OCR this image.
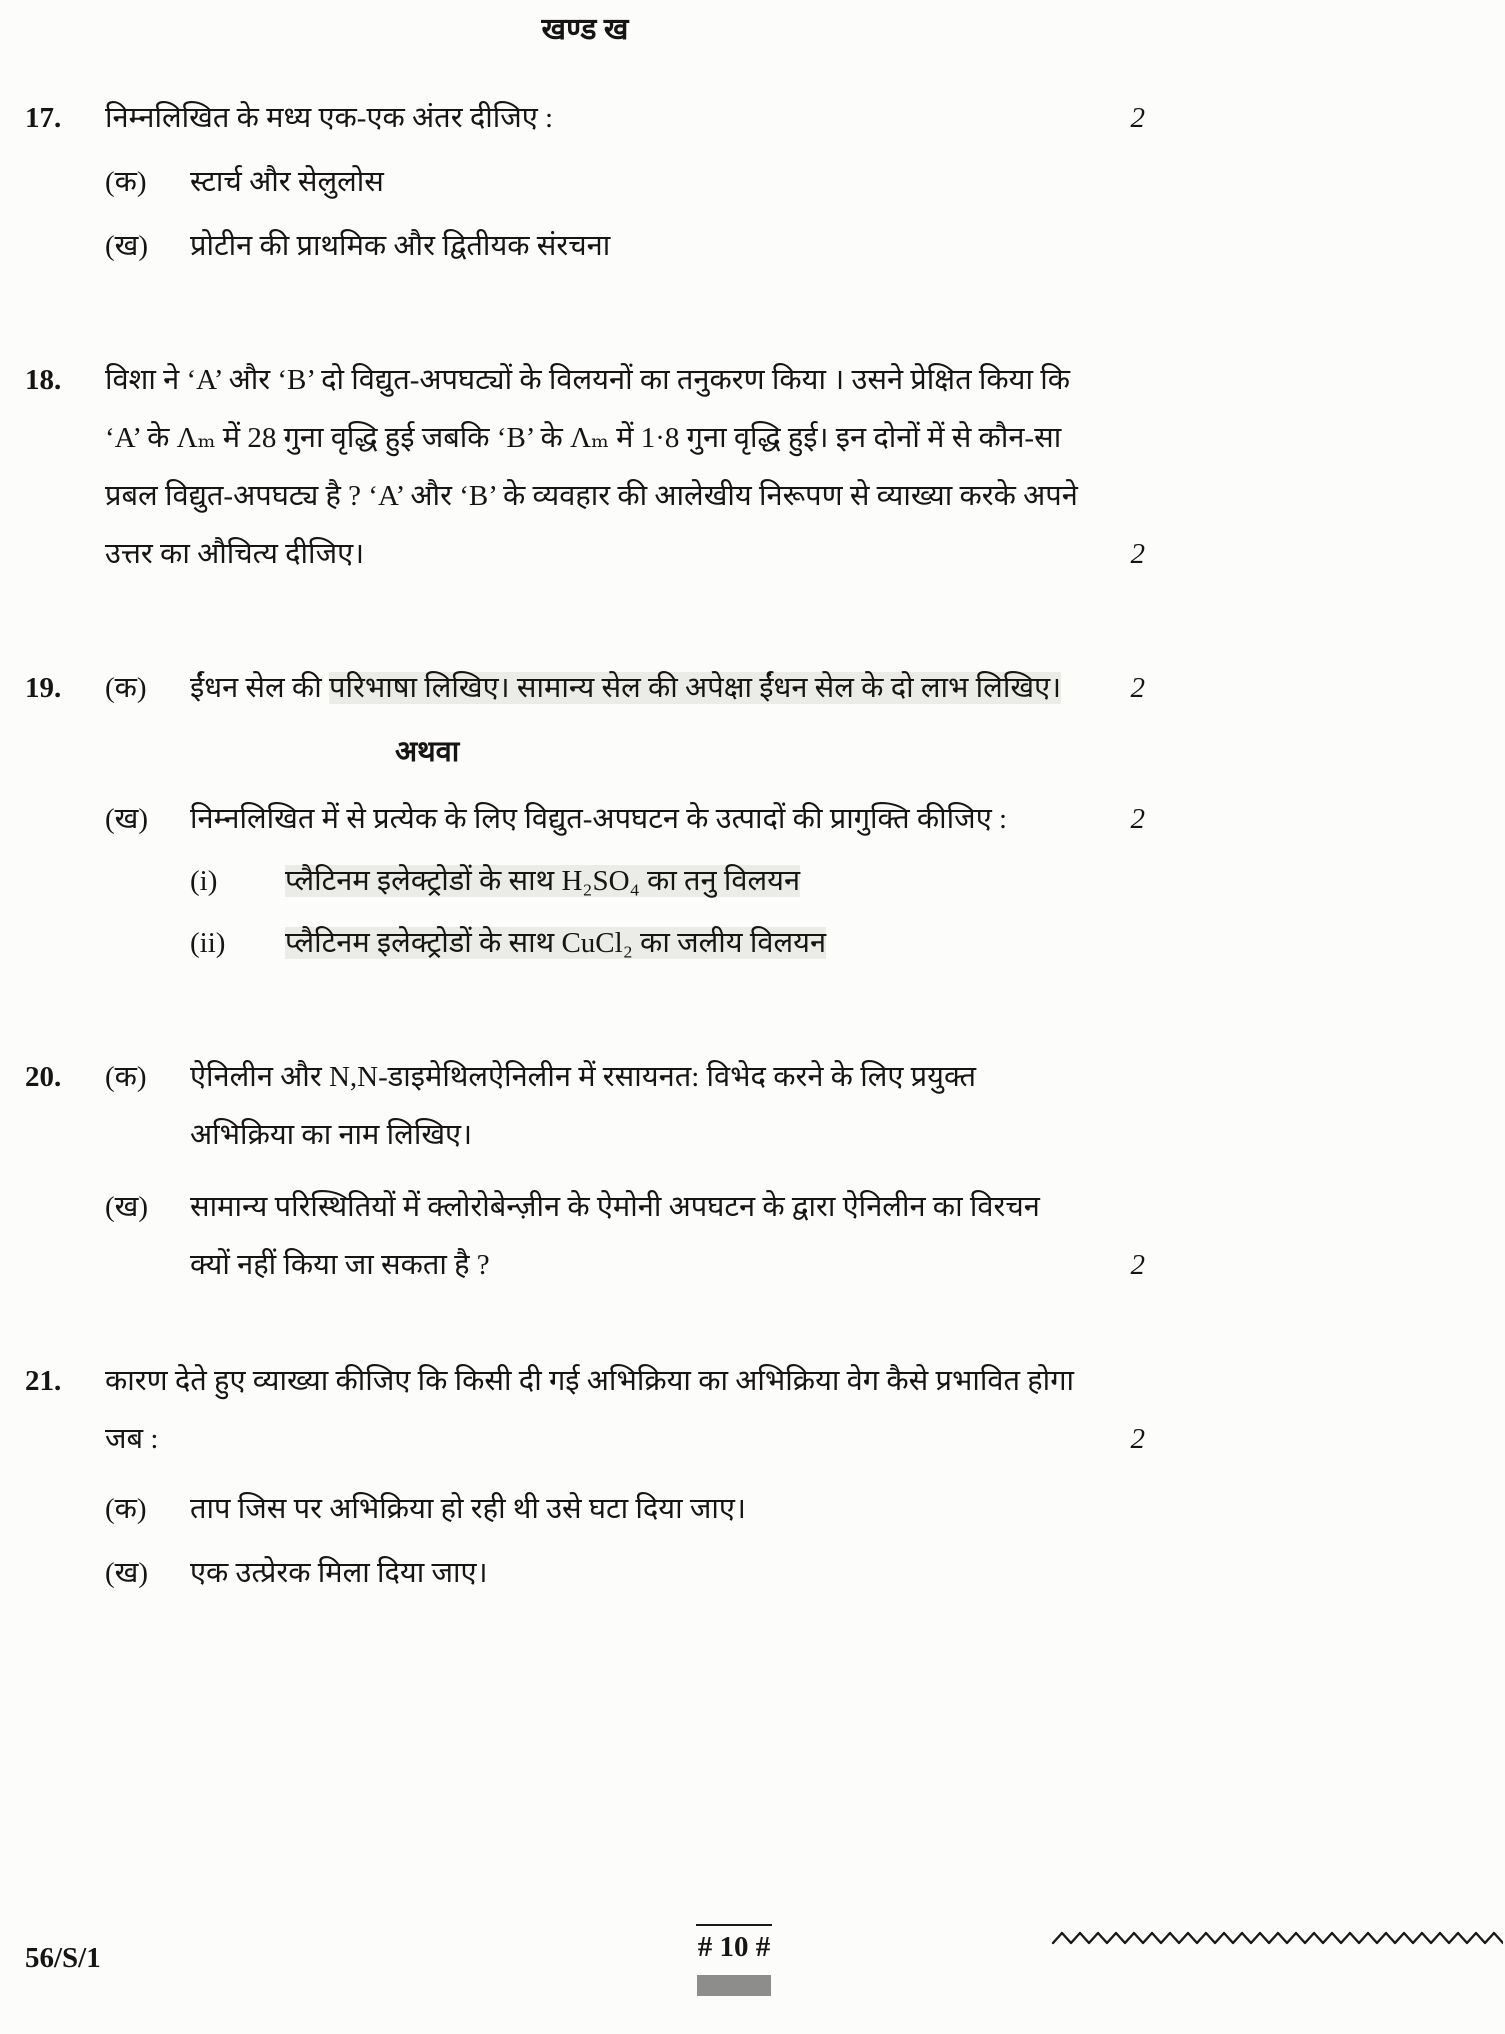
खण्ड ख
17.	निम्नलिखित के मध्य एक-एक अंतर दीजिए :	2
(क)	स्टार्च और सेलुलोस
(ख)	प्रोटीन की प्राथमिक और द्वितीयक संरचना
18.	विशा ने ‘A’ और ‘B’ दो विद्युत-अपघट्यों के विलयनों का तनुकरण किया । उसने प्रेक्षित किया कि ‘A’ के Λₘ में 28 गुना वृद्धि हुई जबकि ‘B’ के Λₘ में 1·8 गुना वृद्धि हुई। इन दोनों में से कौन-सा प्रबल विद्युत-अपघट्य है ? ‘A’ और ‘B’ के व्यवहार की आलेखीय निरूपण से व्याख्या करके अपने उत्तर का औचित्य दीजिए।	2
19.	(क)	ईंधन सेल की परिभाषा लिखिए। सामान्य सेल की अपेक्षा ईंधन सेल के दो लाभ लिखिए।	2
अथवा
(ख)	निम्नलिखित में से प्रत्येक के लिए विद्युत-अपघटन के उत्पादों की प्रागुक्ति कीजिए :	2
(i)	प्लैटिनम इलेक्ट्रोडों के साथ H₂SO₄ का तनु विलयन
(ii)	प्लैटिनम इलेक्ट्रोडों के साथ CuCl₂ का जलीय विलयन
20.	(क)	ऐनिलीन और N,N-डाइमेथिलऐनिलीन में रसायनत: विभेद करने के लिए प्रयुक्त अभिक्रिया का नाम लिखिए।
(ख)	सामान्य परिस्थितियों में क्लोरोबेन्ज़ीन के ऐमोनी अपघटन के द्वारा ऐनिलीन का विरचन क्यों नहीं किया जा सकता है ?	2
21.	कारण देते हुए व्याख्या कीजिए कि किसी दी गई अभिक्रिया का अभिक्रिया वेग कैसे प्रभावित होगा जब :	2
(क)	ताप जिस पर अभिक्रिया हो रही थी उसे घटा दिया जाए।
(ख)	एक उत्प्रेरक मिला दिया जाए।
56/S/1	# 10 #
